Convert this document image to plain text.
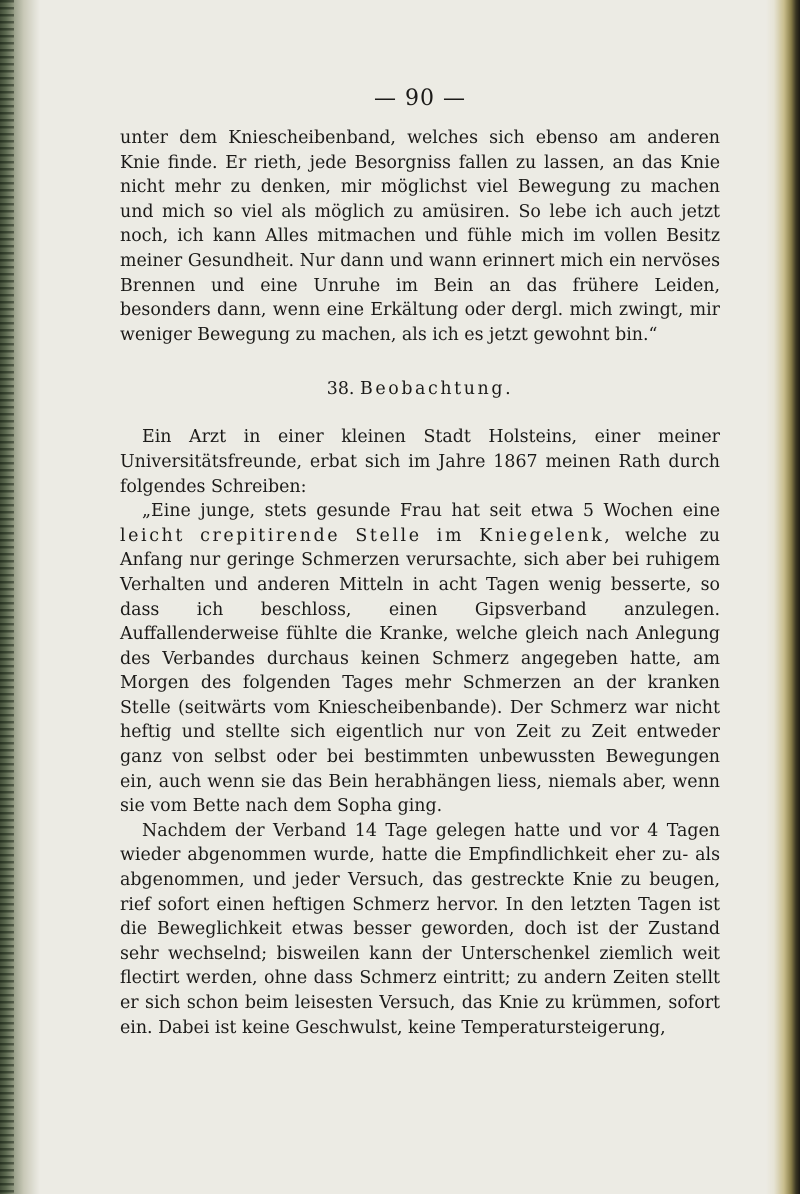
— 90 —

unter dem Kniescheibenband, welches sich ebenso am anderen Knie finde. Er rieth, jede Besorgniss fallen zu lassen, an das Knie nicht mehr zu denken, mir möglichst viel Bewegung zu machen und mich so viel als möglich zu amüsiren. So lebe ich auch jetzt noch, ich kann Alles mitmachen und fühle mich im vollen Besitz meiner Gesundheit. Nur dann und wann erinnert mich ein nervöses Brennen und eine Unruhe im Bein an das frühere Leiden, besonders dann, wenn eine Erkältung oder dergl. mich zwingt, mir weniger Bewegung zu machen, als ich es jetzt gewohnt bin.“

38. Beobachtung.

Ein Arzt in einer kleinen Stadt Holsteins, einer meiner Universitätsfreunde, erbat sich im Jahre 1867 meinen Rath durch folgendes Schreiben:

„Eine junge, stets gesunde Frau hat seit etwa 5 Wochen eine leicht crepitirende Stelle im Kniegelenk, welche zu Anfang nur geringe Schmerzen verursachte, sich aber bei ruhigem Verhalten und anderen Mitteln in acht Tagen wenig besserte, so dass ich beschloss, einen Gipsverband anzulegen. Auffallenderweise fühlte die Kranke, welche gleich nach Anlegung des Verbandes durchaus keinen Schmerz angegeben hatte, am Morgen des folgenden Tages mehr Schmerzen an der kranken Stelle (seitwärts vom Kniescheibenbande). Der Schmerz war nicht heftig und stellte sich eigentlich nur von Zeit zu Zeit entweder ganz von selbst oder bei bestimmten unbewussten Bewegungen ein, auch wenn sie das Bein herabhängen liess, niemals aber, wenn sie vom Bette nach dem Sopha ging.

Nachdem der Verband 14 Tage gelegen hatte und vor 4 Tagen wieder abgenommen wurde, hatte die Empfindlichkeit eher zu- als abgenommen, und jeder Versuch, das gestreckte Knie zu beugen, rief sofort einen heftigen Schmerz hervor. In den letzten Tagen ist die Beweglichkeit etwas besser geworden, doch ist der Zustand sehr wechselnd; bisweilen kann der Unterschenkel ziemlich weit flectirt werden, ohne dass Schmerz eintritt; zu andern Zeiten stellt er sich schon beim leisesten Versuch, das Knie zu krümmen, sofort ein. Dabei ist keine Geschwulst, keine Temperatursteigerung,
